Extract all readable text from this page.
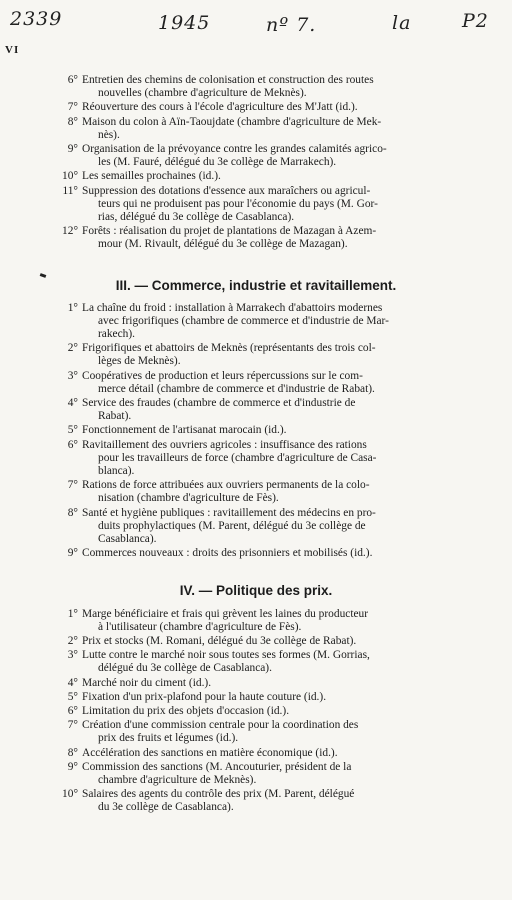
2339	1945	nº 7.	la	P2
VI
6° Entretien des chemins de colonisation et construction des routes
nouvelles (chambre d'agriculture de Meknès).
7° Réouverture des cours à l'école d'agriculture des M'Jatt (id.).
8° Maison du colon à Aïn-Taoujdate (chambre d'agriculture de Mek-
nès).
9° Organisation de la prévoyance contre les grandes calamités agrico-
les (M. Fauré, délégué du 3e collège de Marrakech).
10° Les semailles prochaines (id.).
11° Suppression des dotations d'essence aux maraîchers ou agricul-
teurs qui ne produisent pas pour l'économie du pays (M. Gor-
rias, délégué du 3e collège de Casablanca).
12° Forêts : réalisation du projet de plantations de Mazagan à Azem-
mour (M. Rivault, délégué du 3e collège de Mazagan).
III. — Commerce, industrie et ravitaillement.
1° La chaîne du froid : installation à Marrakech d'abattoirs modernes
avec frigorifiques (chambre de commerce et d'industrie de Mar-
rakech).
2° Frigorifiques et abattoirs de Meknès (représentants des trois col-
lèges de Meknès).
3° Coopératives de production et leurs répercussions sur le com-
merce détail (chambre de commerce et d'industrie de Rabat).
4° Service des fraudes (chambre de commerce et d'industrie de
Rabat).
5° Fonctionnement de l'artisanat marocain (id.).
6° Ravitaillement des ouvriers agricoles : insuffisance des rations
pour les travailleurs de force (chambre d'agriculture de Casa-
blanca).
7° Rations de force attribuées aux ouvriers permanents de la colo-
nisation (chambre d'agriculture de Fès).
8° Santé et hygiène publiques : ravitaillement des médecins en pro-
duits prophylactiques (M. Parent, délégué du 3e collège de
Casablanca).
9° Commerces nouveaux : droits des prisonniers et mobilisés (id.).
IV. — Politique des prix.
1° Marge bénéficiaire et frais qui grèvent les laines du producteur
à l'utilisateur (chambre d'agriculture de Fès).
2° Prix et stocks (M. Romani, délégué du 3e collège de Rabat).
3° Lutte contre le marché noir sous toutes ses formes (M. Gorrias,
délégué du 3e collège de Casablanca).
4° Marché noir du ciment (id.).
5° Fixation d'un prix-plafond pour la haute couture (id.).
6° Limitation du prix des objets d'occasion (id.).
7° Création d'une commission centrale pour la coordination des
prix des fruits et légumes (id.).
8° Accélération des sanctions en matière économique (id.).
9° Commission des sanctions (M. Ancouturier, président de la
chambre d'agriculture de Meknès).
10° Salaires des agents du contrôle des prix (M. Parent, délégué
du 3e collège de Casablanca).
